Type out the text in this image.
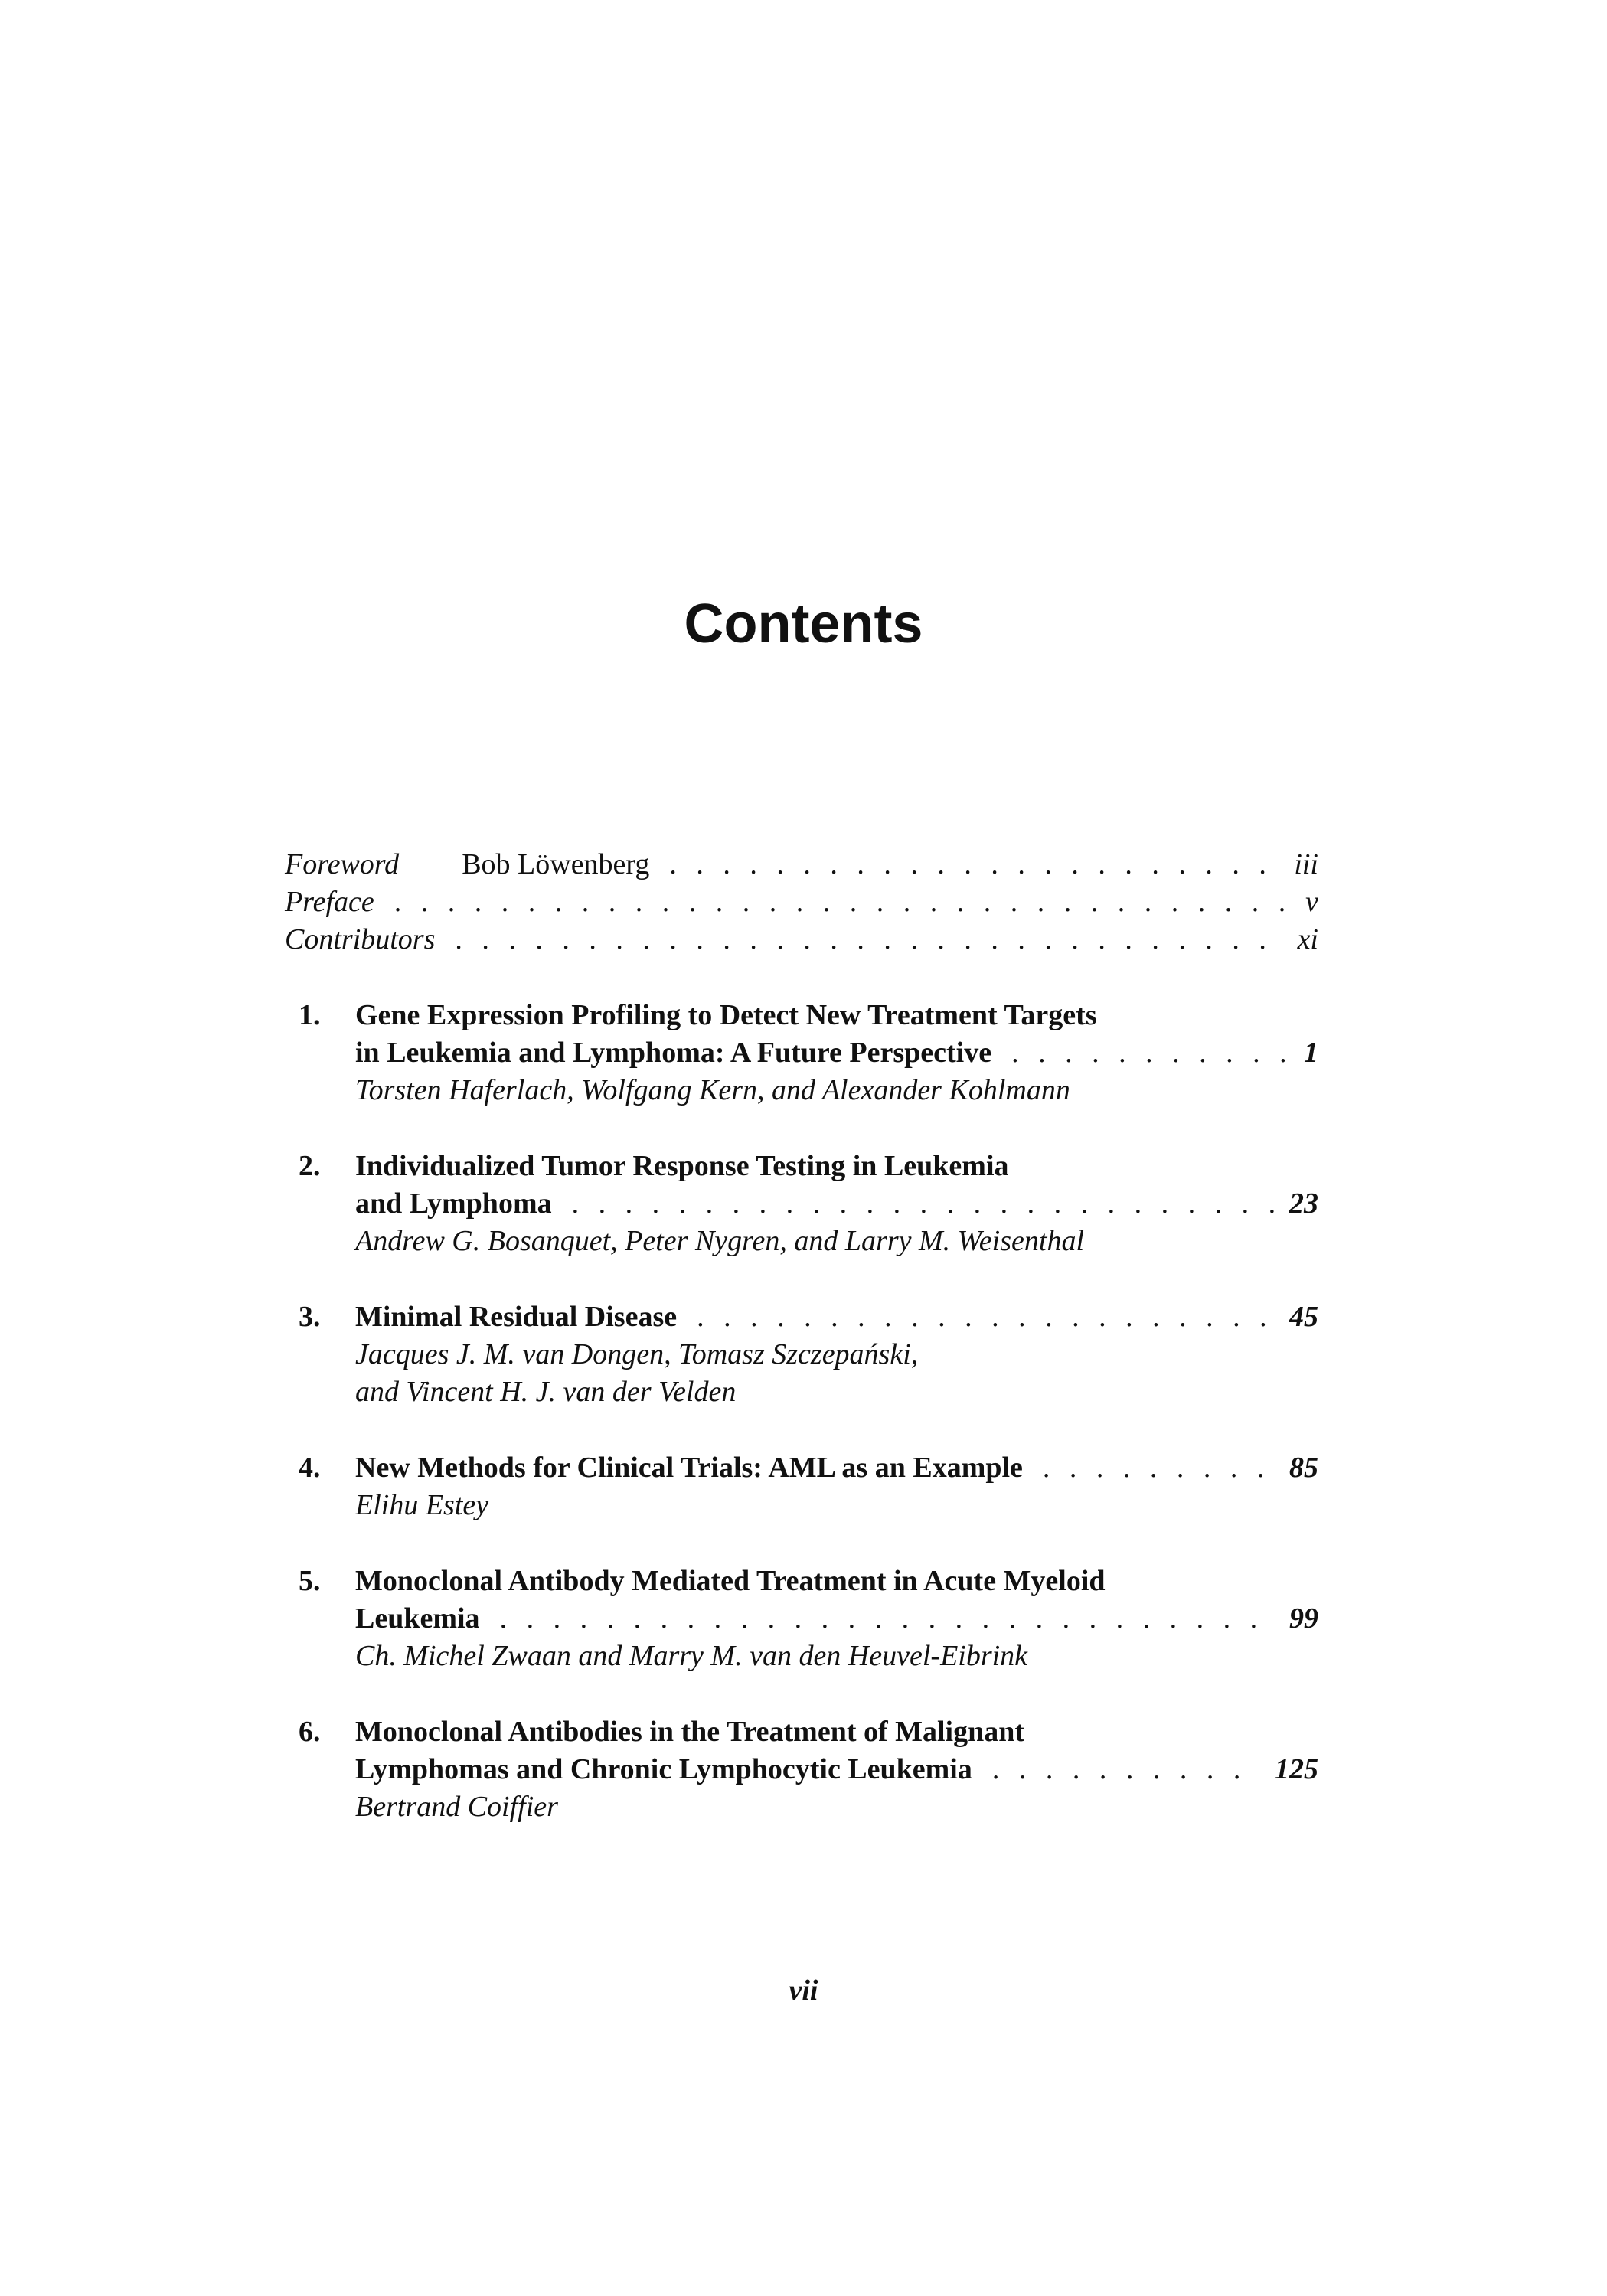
Contents
Foreword Bob Löwenberg . . .	iii
Preface . . .	v
Contributors . . .	xi
1.	Gene Expression Profiling to Detect New Treatment Targets
in Leukemia and Lymphoma: A Future Perspective . . .	1
Torsten Haferlach, Wolfgang Kern, and Alexander Kohlmann
2.	Individualized Tumor Response Testing in Leukemia
and Lymphoma . . .	23
Andrew G. Bosanquet, Peter Nygren, and Larry M. Weisenthal
3.	Minimal Residual Disease . . .	45
Jacques J. M. van Dongen, Tomasz Szczepański,
and Vincent H. J. van der Velden
4.	New Methods for Clinical Trials: AML as an Example . . .	85
Elihu Estey
5.	Monoclonal Antibody Mediated Treatment in Acute Myeloid
Leukemia . . .	99
Ch. Michel Zwaan and Marry M. van den Heuvel-Eibrink
6.	Monoclonal Antibodies in the Treatment of Malignant
Lymphomas and Chronic Lymphocytic Leukemia . . .	125
Bertrand Coiffier
vii
